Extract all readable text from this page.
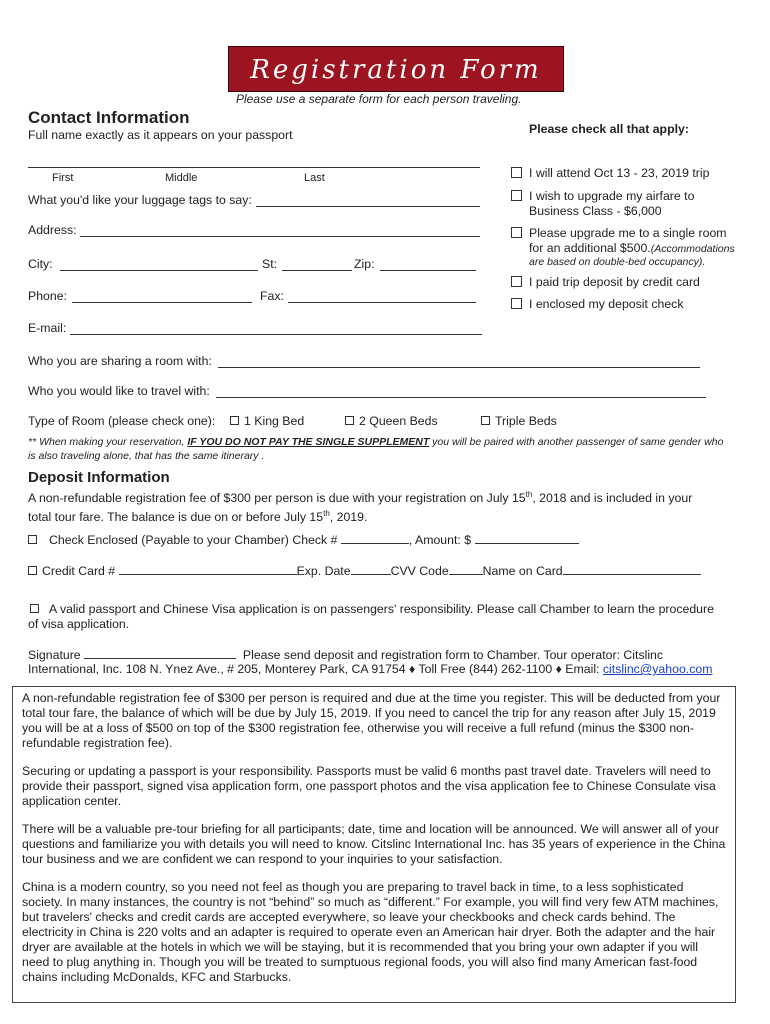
Registration Form
Please use a separate form for each person traveling.
Contact Information
Full name exactly as it appears on your passport
First	Middle	Last
What you'd like your luggage tags to say:
Address:
City:	St:	Zip:
Phone:	Fax:
E-mail:
Who you are sharing a room with:
Who you would like to travel with:
Type of Room (please check one):	1 King Bed	2 Queen Beds	Triple Beds
** When making your reservation, IF YOU DO NOT PAY THE SINGLE SUPPLEMENT you will be paired with another passenger of same gender who is also traveling alone, that has the same itinerary .
Please check all that apply:
I will attend Oct 13 - 23, 2019 trip
I wish to upgrade my airfare to
Business Class - $6,000
Please upgrade me to a single room
for an additional $500.(Accommodations
are based on double-bed occupancy).
I paid trip deposit by credit card
I enclosed my deposit check
Deposit Information
A non-refundable registration fee of $300 per person is due with your registration on July 15th, 2018 and is included in your
total tour fare. The balance is due on or before July 15th, 2019.
Check Enclosed (Payable to your Chamber) Check #	, Amount: $
Credit Card #	Exp. Date	CVV Code	Name on Card
A valid passport and Chinese Visa application is on passengers' responsibility. Please call Chamber to learn the procedure
of visa application.
Signature	Please send deposit and registration form to Chamber. Tour operator: Citslinc
International, Inc. 108 N. Ynez Ave., # 205, Monterey Park, CA 91754 ♦ Toll Free (844) 262-1100 ♦ Email: citslinc@yahoo.com

A non-refundable registration fee of $300 per person is required and due at the time you register. This will be deducted from your total tour fare, the balance of which will be due by July 15, 2019. If you need to cancel the trip for any reason after July 15, 2019 you will be at a loss of $500 on top of the $300 registration fee, otherwise you will receive a full refund (minus the $300 non-refundable registration fee).

Securing or updating a passport is your responsibility. Passports must be valid 6 months past travel date. Travelers will need to provide their passport, signed visa application form, one passport photos and the visa application fee to Chinese Consulate visa application center.

There will be a valuable pre-tour briefing for all participants; date, time and location will be announced. We will answer all of your questions and familiarize you with details you will need to know. Citslinc International Inc. has 35 years of experience in the China tour business and we are confident we can respond to your inquiries to your satisfaction.

China is a modern country, so you need not feel as though you are preparing to travel back in time, to a less sophisticated society. In many instances, the country is not “behind” so much as “different.” For example, you will find very few ATM machines, but travelers' checks and credit cards are accepted everywhere, so leave your checkbooks and check cards behind. The electricity in China is 220 volts and an adapter is required to operate even an American hair dryer. Both the adapter and the hair dryer are available at the hotels in which we will be staying, but it is recommended that you bring your own adapter if you will need to plug anything in. Though you will be treated to sumptuous regional foods, you will also find many American fast-food chains including McDonalds, KFC and Starbucks.
